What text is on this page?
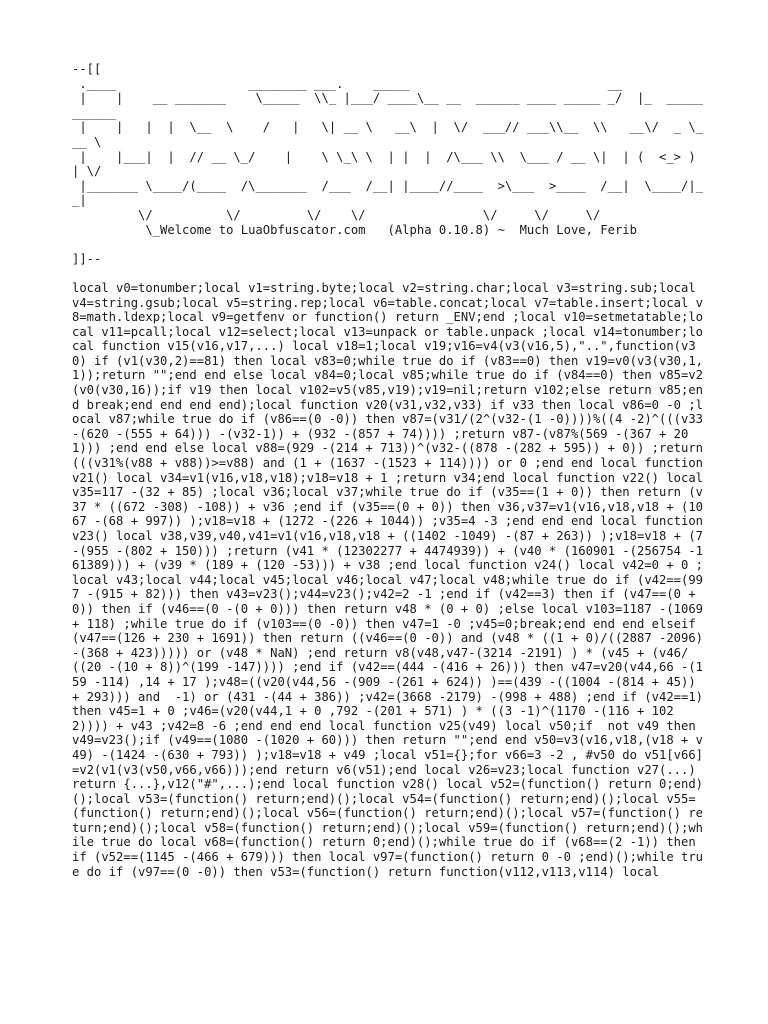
--[[
.____                  ________ ___.    _____                           __
|    |    __ _______    \_____  \\_ |___/ ____\__ __  ______ ____ _____ _/  |_  ___________
|    |   |  |  \__  \    /   |   \| __ \   __\  |  \/  ___// ___\\__  \\   __\/  _ \_  __ \
|    |___|  |  // __ \_/    |    \ \_\ \  | |  |  /\___ \\  \___ / __ \|  | (  <_> )  | \/
|_______ \____/(____  /\_______  /___  /__| |____//____  >\___  >____  /__|  \____/|__|
\/          \/         \/    \/                \/     \/     \/
\_Welcome to LuaObfuscator.com   (Alpha 0.10.8) ~  Much Love, Ferib

]]--
local v0=tonumber;local v1=string.byte;local v2=string.char;local v3=string.sub;local v4=string.gsub;local v5=string.rep;local v6=table.concat;local v7=table.insert;local v8=math.ldexp;local v9=getfenv or function() return _ENV;end ;local v10=setmetatable;local v11=pcall;local v12=select;local v13=unpack or table.unpack ;local v14=tonumber;local function v15(v16,v17,...) local v18=1;local v19;v16=v4(v3(v16,5),"..",function(v30) if (v1(v30,2)==81) then local v83=0;while true do if (v83==0) then v19=v0(v3(v30,1,1));return "";end end else local v84=0;local v85;while true do if (v84==0) then v85=v2(v0(v30,16));if v19 then local v102=v5(v85,v19);v19=nil;return v102;else return v85;end break;end end end end);local function v20(v31,v32,v33) if v33 then local v86=0 -0 ;local v87;while true do if (v86==(0 -0)) then v87=(v31/(2^(v32-(1 -0))))%((4 -2)^(((v33-(620 -(555 + 64))) -(v32-1)) + (932 -(857 + 74)))) ;return v87-(v87%(569 -(367 + 201))) ;end end else local v88=(929 -(214 + 713))^(v32-((878 -(282 + 595)) + 0)) ;return (((v31%(v88 + v88))>=v88) and (1 + (1637 -(1523 + 114)))) or 0 ;end end local function v21() local v34=v1(v16,v18,v18);v18=v18 + 1 ;return v34;end local function v22() local v35=117 -(32 + 85) ;local v36;local v37;while true do if (v35==(1 + 0)) then return (v37 * ((672 -308) -108)) + v36 ;end if (v35==(0 + 0)) then v36,v37=v1(v16,v18,v18 + (1067 -(68 + 997)) );v18=v18 + (1272 -(226 + 1044)) ;v35=4 -3 ;end end end local function v23() local v38,v39,v40,v41=v1(v16,v18,v18 + ((1402 -1049) -(87 + 263)) );v18=v18 + (7 -(955 -(802 + 150))) ;return (v41 * (12302277 + 4474939)) + (v40 * (160901 -(256754 -161389))) + (v39 * (189 + (120 -53))) + v38 ;end local function v24() local v42=0 + 0 ;local v43;local v44;local v45;local v46;local v47;local v48;while true do if (v42==(997 -(915 + 82))) then v43=v23();v44=v23();v42=2 -1 ;end if (v42==3) then if (v47==(0 + 0)) then if (v46==(0 -(0 + 0))) then return v48 * (0 + 0) ;else local v103=1187 -(1069 + 118) ;while true do if (v103==(0 -0)) then v47=1 -0 ;v45=0;break;end end end elseif (v47==(126 + 230 + 1691)) then return ((v46==(0 -0)) and (v48 * ((1 + 0)/((2887 -2096) -(368 + 423))))) or (v48 * NaN) ;end return v8(v48,v47-(3214 -2191) ) * (v45 + (v46/((20 -(10 + 8))^(199 -147)))) ;end if (v42==(444 -(416 + 26))) then v47=v20(v44,66 -(159 -114) ,14 + 17 );v48=((v20(v44,56 -(909 -(261 + 624)) )==(439 -((1004 -(814 + 45)) + 293))) and  -1) or (431 -(44 + 386)) ;v42=(3668 -2179) -(998 + 488) ;end if (v42==1) then v45=1 + 0 ;v46=(v20(v44,1 + 0 ,792 -(201 + 571) ) * ((3 -1)^(1170 -(116 + 1022)))) + v43 ;v42=8 -6 ;end end end local function v25(v49) local v50;if  not v49 then v49=v23();if (v49==(1080 -(1020 + 60))) then return "";end end v50=v3(v16,v18,(v18 + v49) -(1424 -(630 + 793)) );v18=v18 + v49 ;local v51={};for v66=3 -2 , #v50 do v51[v66]=v2(v1(v3(v50,v66,v66)));end return v6(v51);end local v26=v23;local function v27(...) return {...},v12("#",...);end local function v28() local v52=(function() return 0;end)();local v53=(function() return;end)();local v54=(function() return;end)();local v55=(function() return;end)();local v56=(function() return;end)();local v57=(function() return;end)();local v58=(function() return;end)();local v59=(function() return;end)();while true do local v68=(function() return 0;end)();while true do if (v68==(2 -1)) then if (v52==(1145 -(466 + 679))) then local v97=(function() return 0 -0 ;end)();while true do if (v97==(0 -0)) then v53=(function() return function(v112,v113,v114) local
